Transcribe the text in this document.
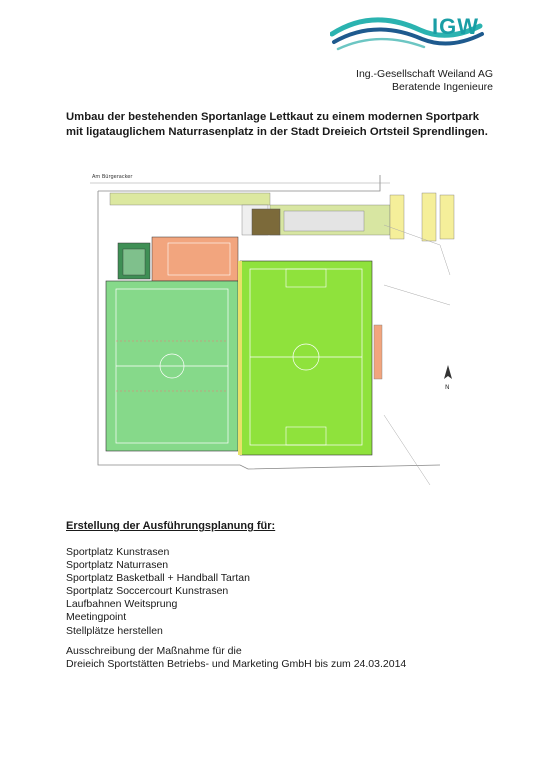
IGW
Ing.-Gesellschaft Weiland AG
Beratende Ingenieure
Umbau der bestehenden Sportanlage Lettkaut zu einem modernen Sportpark mit ligatauglichem Naturrasenplatz in der Stadt Dreieich Ortsteil Sprendlingen.
Am Bürgeracker
N
Erstellung der Ausführungsplanung für:
Sportplatz Kunstrasen
Sportplatz Naturrasen
Sportplatz Basketball + Handball Tartan
Sportplatz Soccercourt Kunstrasen
Laufbahnen Weitsprung
Meetingpoint
Stellplätze herstellen
Ausschreibung der Maßnahme für die
Dreieich Sportstätten Betriebs- und Marketing GmbH bis zum 24.03.2014
